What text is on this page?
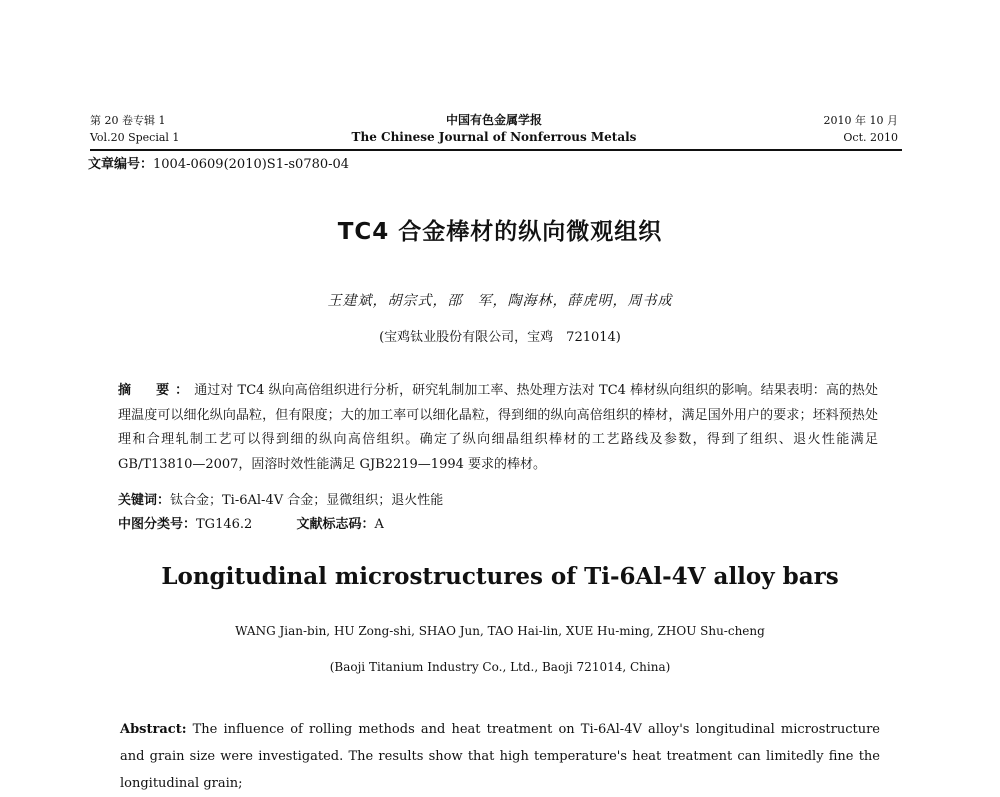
第 20 卷专辑 1
Vol.20 Special 1
中国有色金属学报
The Chinese Journal of Nonferrous Metals
2010 年 10 月
Oct. 2010
文章编号：1004-0609(2010)S1-s0780-04
TC4 合金棒材的纵向微观组织
王建斌，胡宗式，邵　军，陶海林，薛虎明，周书成
(宝鸡钛业股份有限公司，宝鸡　721014)
摘　要：通过对 TC4 纵向高倍组织进行分析，研究轧制加工率、热处理方法对 TC4 棒材纵向组织的影响。结果表明：高的热处理温度可以细化纵向晶粒，但有限度；大的加工率可以细化晶粒，得到细的纵向高倍组织的棒材，满足国外用户的要求；坯料预热处理和合理轧制工艺可以得到细的纵向高倍组织。确定了纵向细晶组织棒材的工艺路线及参数，得到了组织、退火性能满足 GB/T13810—2007，固溶时效性能满足 GJB2219—1994 要求的棒材。
关键词：钛合金；Ti-6Al-4V 合金；显微组织；退火性能
中图分类号：TG146.2	文献标志码：A
Longitudinal microstructures of Ti-6Al-4V alloy bars
WANG Jian-bin, HU Zong-shi, SHAO Jun, TAO Hai-lin, XUE Hu-ming, ZHOU Shu-cheng
(Baoji Titanium Industry Co., Ltd., Baoji 721014, China)
Abstract: The influence of rolling methods and heat treatment on Ti-6Al-4V alloy's longitudinal microstructure and grain size were investigated. The results show that high temperature's heat treatment can limitedly fine the longitudinal grain;
